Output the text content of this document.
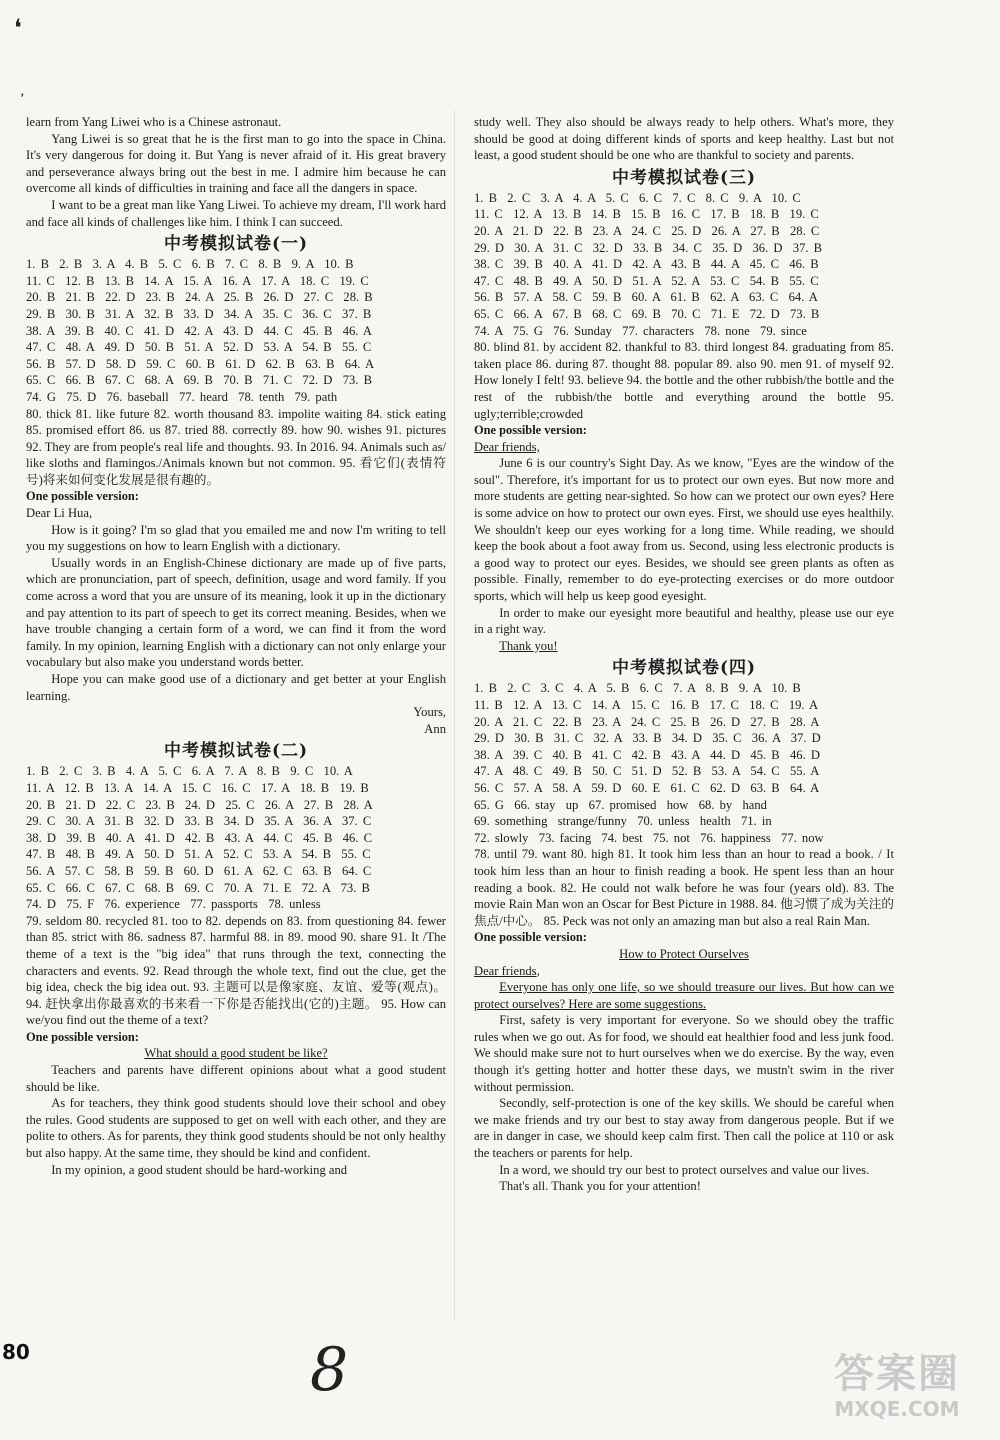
❛
’

learn from Yang Liwei who is a Chinese astronaut.

Yang Liwei is so great that he is the first man to go into the space in China. It's very dangerous for doing it. But Yang is never afraid of it. His great bravery and perseverance always bring out the best in me. I admire him because he can overcome all kinds of difficulties in training and face all the dangers in space.

I want to be a great man like Yang Liwei. To achieve my dream, I'll work hard and face all kinds of challenges like him. I think I can succeed.

中考模拟试卷(一)

1. B  2. B  3. A  4. B  5. C  6. B  7. C  8. B  9. A  10. B

11. C  12. B  13. B  14. A  15. A  16. A  17. A  18. C  19. C

20. B  21. B  22. D  23. B  24. A  25. B  26. D  27. C  28. B

29. B  30. B  31. A  32. B  33. D  34. A  35. C  36. C  37. B

38. A  39. B  40. C  41. D  42. A  43. D  44. C  45. B  46. A

47. C  48. A  49. D  50. B  51. A  52. D  53. A  54. B  55. C

56. B  57. D  58. D  59. C  60. B  61. D  62. B  63. B  64. A

65. C  66. B  67. C  68. A  69. B  70. B  71. C  72. D  73. B

74. G  75. D  76. baseball  77. heard  78. tenth  79. path

80. thick 81. like future 82. worth thousand 83. impolite waiting 84. stick eating 85. promised effort 86. us 87. tried 88. correctly 89. how 90. wishes 91. pictures 92. They are from people's real life and thoughts. 93. In 2016. 94. Animals such as/ like sloths and flamingos./Animals known but not common. 95. 看它们(表情符号)将来如何变化发展是很有趣的。

One possible version:

Dear Li Hua,

How is it going? I'm so glad that you emailed me and now I'm writing to tell you my suggestions on how to learn English with a dictionary.

Usually words in an English-Chinese dictionary are made up of five parts, which are pronunciation, part of speech, definition, usage and word family. If you come across a word that you are unsure of its meaning, look it up in the dictionary and pay attention to its part of speech to get its correct meaning. Besides, when we have trouble changing a certain form of a word, we can find it from the word family. In my opinion, learning English with a dictionary can not only enlarge your vocabulary but also make you understand words better.

Hope you can make good use of a dictionary and get better at your English learning.

Yours,

Ann

中考模拟试卷(二)

1. B  2. C  3. B  4. A  5. C  6. A  7. A  8. B  9. C  10. A

11. A  12. B  13. A  14. A  15. C  16. C  17. A  18. B  19. B

20. B  21. D  22. C  23. B  24. D  25. C  26. A  27. B  28. A

29. C  30. A  31. B  32. D  33. B  34. D  35. A  36. A  37. C

38. D  39. B  40. A  41. D  42. B  43. A  44. C  45. B  46. C

47. B  48. B  49. A  50. D  51. A  52. C  53. A  54. B  55. C

56. A  57. C  58. B  59. B  60. D  61. A  62. C  63. B  64. C

65. C  66. C  67. C  68. B  69. C  70. A  71. E  72. A  73. B

74. D  75. F  76. experience  77. passports  78. unless

79. seldom 80. recycled 81. too to 82. depends on 83. from questioning 84. fewer than 85. strict with 86. sadness 87. harmful 88. in 89. mood 90. share 91. It /The theme of a text is the "big idea" that runs through the text, connecting the characters and events. 92. Read through the whole text, find out the clue, get the big idea, check the big idea out. 93. 主题可以是像家庭、友谊、爱等(观点)。 94. 赶快拿出你最喜欢的书来看一下你是否能找出(它的)主题。 95. How can we/you find out the theme of a text?

One possible version:

What should a good student be like?

Teachers and parents have different opinions about what a good student should be like.

As for teachers, they think good students should love their school and obey the rules. Good students are supposed to get on well with each other, and they are polite to others. As for parents, they think good students should be not only healthy but also happy. At the same time, they should be kind and confident.

In my opinion, a good student should be hard-working and

study well. They also should be always ready to help others. What's more, they should be good at doing different kinds of sports and keep healthy. Last but not least, a good student should be one who are thankful to society and parents.

中考模拟试卷(三)

1. B  2. C  3. A  4. A  5. C  6. C  7. C  8. C  9. A  10. C

11. C  12. A  13. B  14. B  15. B  16. C  17. B  18. B  19. C

20. A  21. D  22. B  23. A  24. C  25. D  26. A  27. B  28. C

29. D  30. A  31. C  32. D  33. B  34. C  35. D  36. D  37. B

38. C  39. B  40. A  41. D  42. A  43. B  44. A  45. C  46. B

47. C  48. B  49. A  50. D  51. A  52. A  53. C  54. B  55. C

56. B  57. A  58. C  59. B  60. A  61. B  62. A  63. C  64. A

65. C  66. A  67. B  68. C  69. B  70. C  71. E  72. D  73. B

74. A  75. G  76. Sunday  77. characters  78. none  79. since

80. blind 81. by accident 82. thankful to 83. third longest 84. graduating from 85. taken place 86. during 87. thought 88. popular 89. also 90. men 91. of myself 92. How lonely I felt! 93. believe 94. the bottle and the other rubbish/the bottle and the rest of the rubbish/the bottle and everything around the bottle 95. ugly;terrible;crowded

One possible version:

Dear friends,

June 6 is our country's Sight Day. As we know, "Eyes are the window of the soul". Therefore, it's important for us to protect our own eyes. But now more and more students are getting near-sighted. So how can we protect our own eyes? Here is some advice on how to protect our own eyes. First, we should use eyes healthily. We shouldn't keep our eyes working for a long time. While reading, we should keep the book about a foot away from us. Second, using less electronic products is a good way to protect our eyes. Besides, we should see green plants as often as possible. Finally, remember to do eye-protecting exercises or do more outdoor sports, which will help us keep good eyesight.

In order to make our eyesight more beautiful and healthy, please use our eye in a right way.

Thank you!

中考模拟试卷(四)

1. B  2. C  3. C  4. A  5. B  6. C  7. A  8. B  9. A  10. B

11. B  12. A  13. C  14. A  15. C  16. B  17. C  18. C  19. A

20. A  21. C  22. B  23. A  24. C  25. B  26. D  27. B  28. A

29. D  30. B  31. C  32. A  33. B  34. D  35. C  36. A  37. D

38. A  39. C  40. B  41. C  42. B  43. A  44. D  45. B  46. D

47. A  48. C  49. B  50. C  51. D  52. B  53. A  54. C  55. A

56. C  57. A  58. A  59. D  60. E  61. C  62. D  63. B  64. A

65. G  66. stay  up  67. promised  how  68. by  hand

69. something  strange/funny  70. unless  health  71. in

72. slowly  73. facing  74. best  75. not  76. happiness  77. now

78. until 79. want 80. high 81. It took him less than an hour to read a book. / It took him less than an hour to finish reading a book. He spent less than an hour reading a book. 82. He could not walk before he was four (years old). 83. The movie Rain Man won an Oscar for Best Picture in 1988. 84. 他习惯了成为关注的焦点/中心。 85. Peck was not only an amazing man but also a real Rain Man.

One possible version:

How to Protect Ourselves

Dear friends,

Everyone has only one life, so we should treasure our lives. But how can we protect ourselves? Here are some suggestions.

First, safety is very important for everyone. So we should obey the traffic rules when we go out. As for food, we should eat healthier food and less junk food. We should make sure not to hurt ourselves when we do exercise. By the way, even though it's getting hotter and hotter these days, we mustn't swim in the river without permission.

Secondly, self-protection is one of the key skills. We should be careful when we make friends and try our best to stay away from dangerous people. But if we are in danger in case, we should keep calm first. Then call the police at 110 or ask the teachers or parents for help.

In a word, we should try our best to protect ourselves and value our lives.

That's all. Thank you for your attention!

80	8	答案圈
MXQE.COM
